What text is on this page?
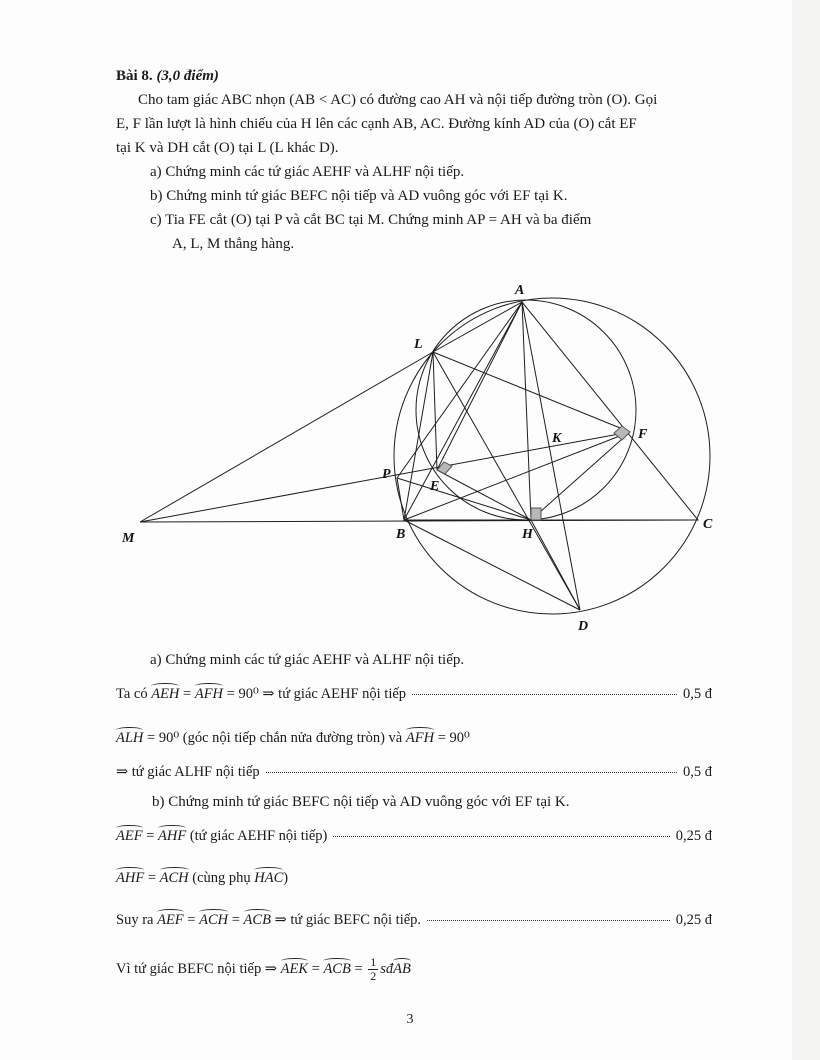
Bài 8. (3,0 điểm)
Cho tam giác ABC nhọn (AB < AC) có đường cao AH và nội tiếp đường tròn (O). Gọi
E, F lần lượt là hình chiếu của H lên các cạnh AB, AC. Đường kính AD của (O) cắt EF
tại K và DH cắt (O) tại L (L khác D).
a) Chứng minh các tứ giác AEHF và ALHF nội tiếp.
b) Chứng minh tứ giác BEFC nội tiếp và AD vuông góc với EF tại K.
c) Tia FE cắt (O) tại P và cắt BC tại M. Chứng minh AP = AH và ba điểm
A, L, M thẳng hàng.
A
L
K	F
P
E
M	B	H
C
D
a) Chứng minh các tứ giác AEHF và ALHF nội tiếp.
Ta có AEH = AFH = 90⁰ ⇒ tứ giác AEHF nội tiếp	0,5 đ
ALH = 90⁰ (góc nội tiếp chắn nửa đường tròn) và AFH = 90⁰
⇒ tứ giác ALHF nội tiếp	0,5 đ
b) Chứng minh tứ giác BEFC nội tiếp và AD vuông góc với EF tại K.
AEF = AHF (tứ giác AEHF nội tiếp)	0,25 đ
AHF = ACH (cùng phụ HAC)
Suy ra AEF = ACH = ACB ⇒ tứ giác BEFC nội tiếp.	0,25 đ
Vì tứ giác BEFC nội tiếp ⇒ AEK = ACB = $\frac{1}{2}$ sđAB
3
